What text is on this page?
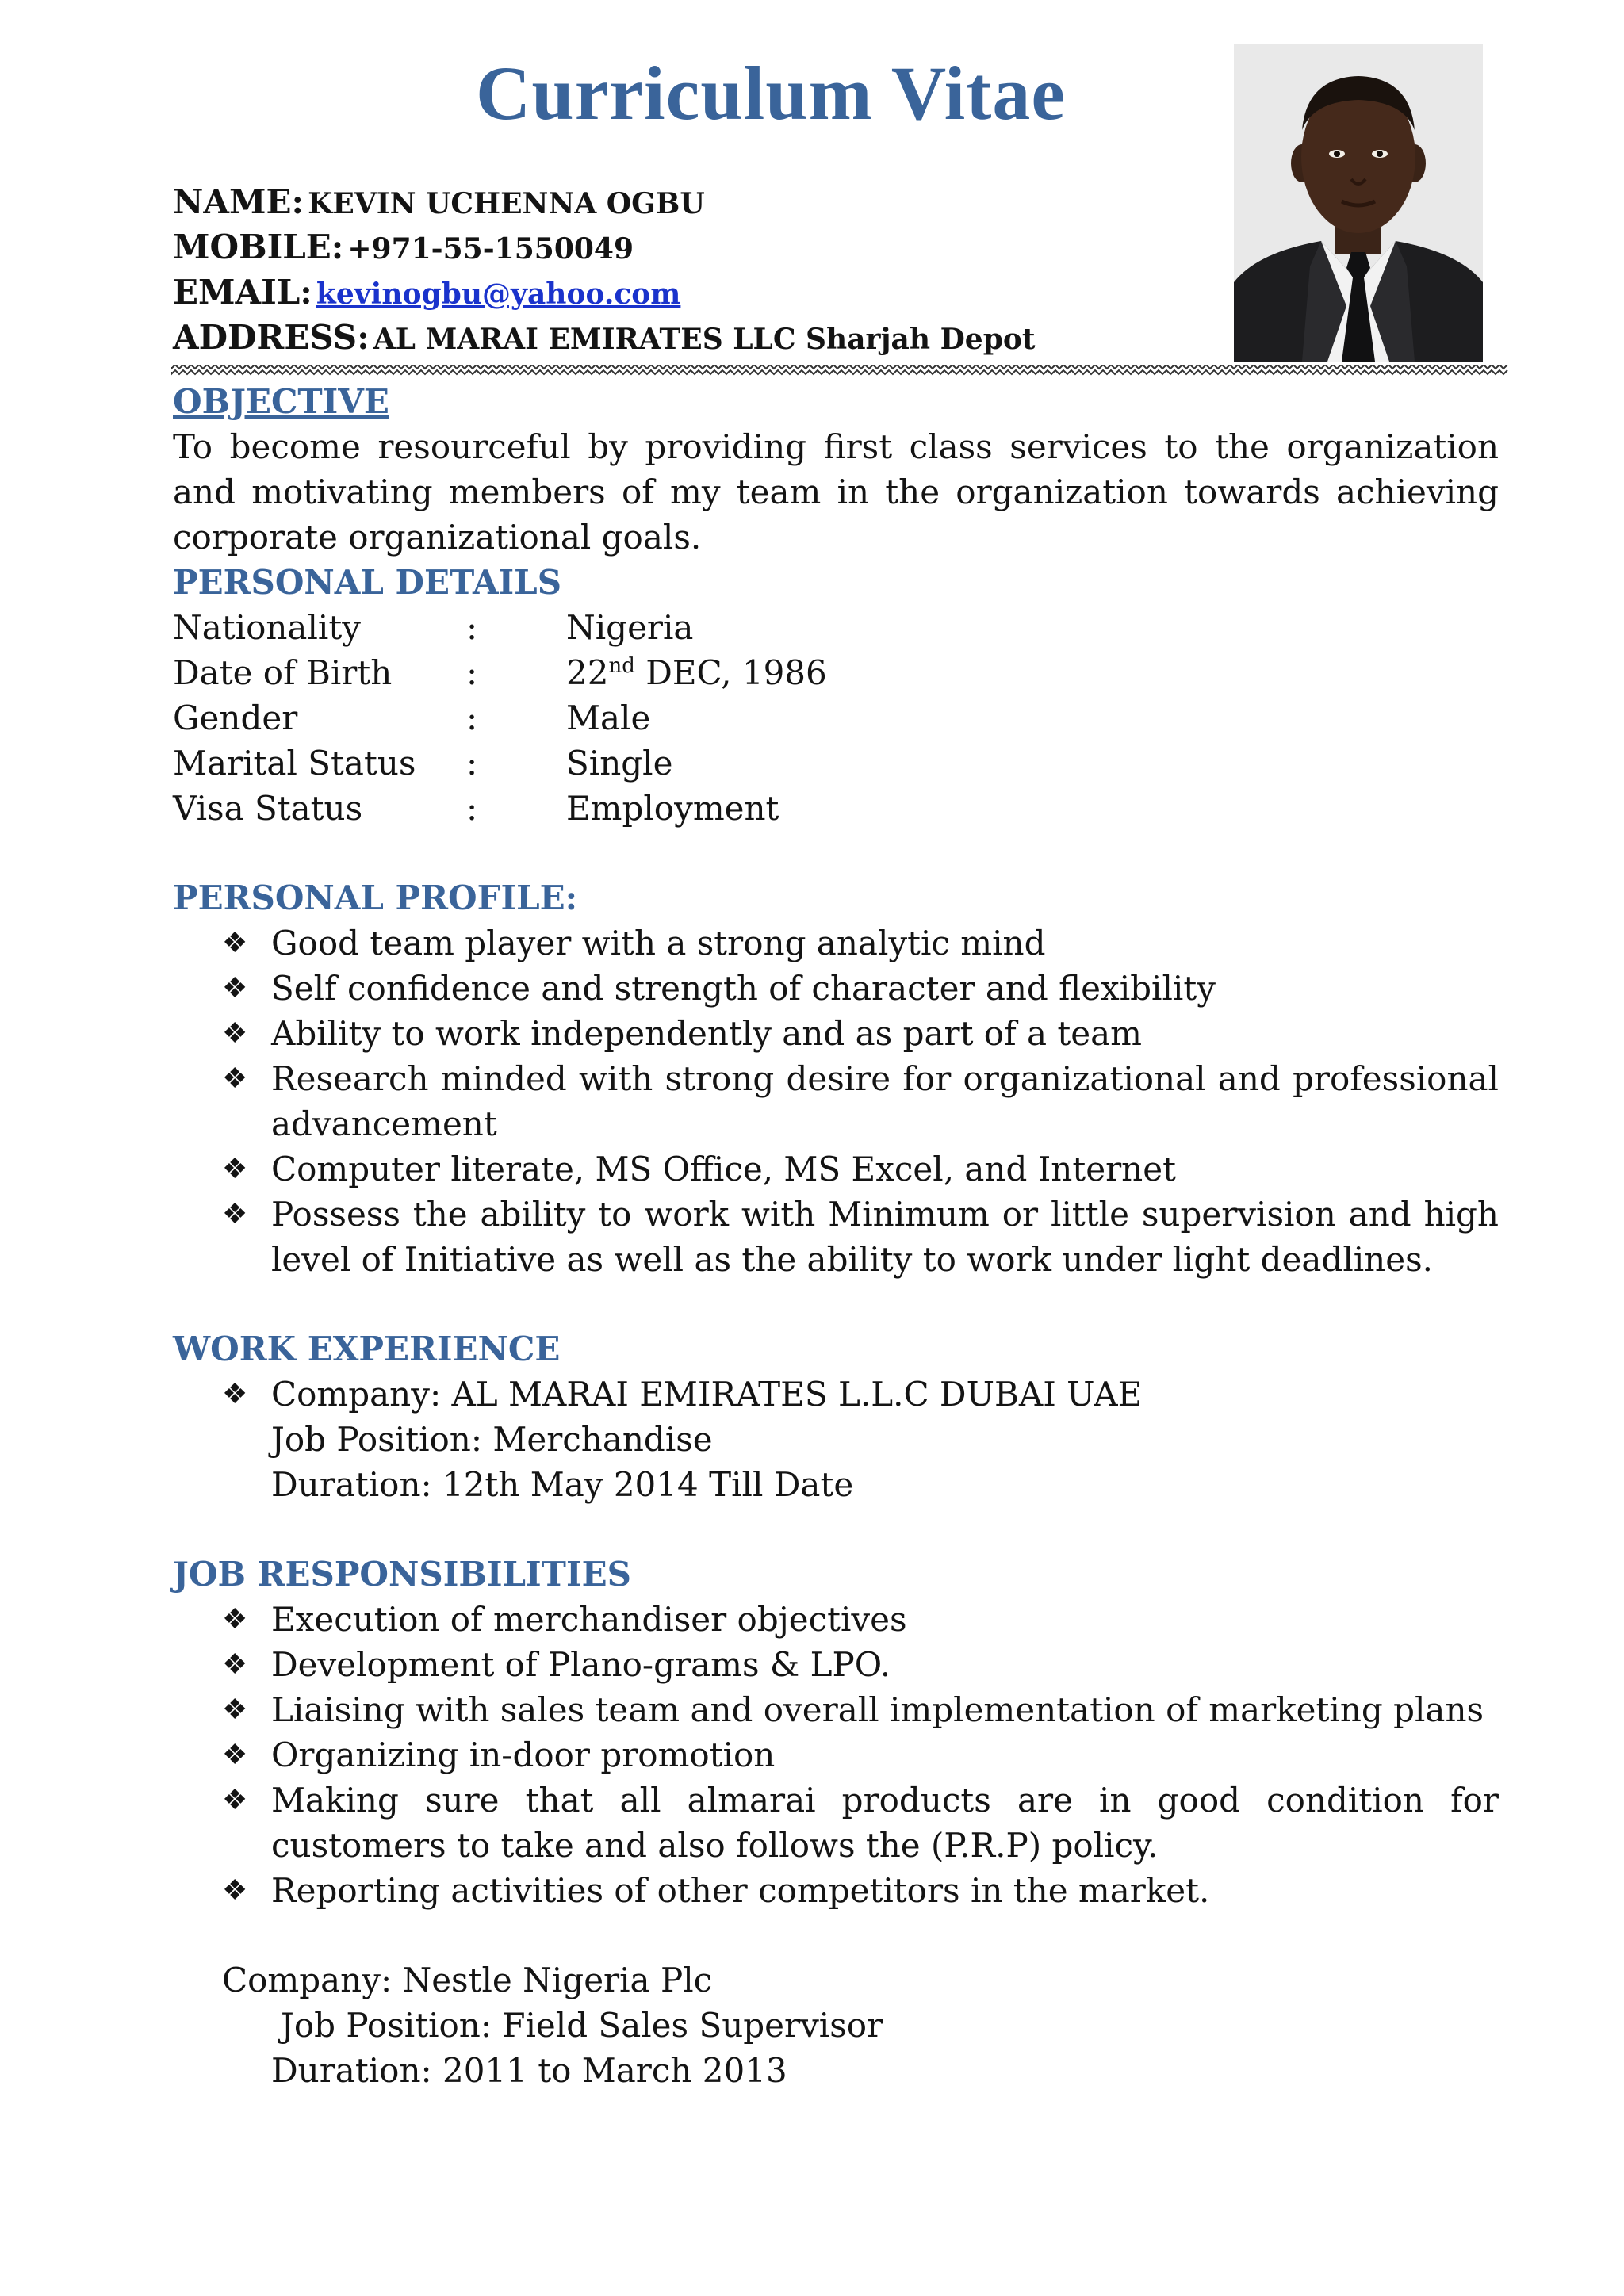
Curriculum Vitae
NAME: KEVIN UCHENNA OGBU
MOBILE: +971-55-1550049
EMAIL: kevinogbu@yahoo.com
ADDRESS: AL MARAI EMIRATES LLC Sharjah Depot
OBJECTIVE
To become resourceful by providing first class services to the organization and motivating members of my team in the organization towards achieving corporate organizational goals.
PERSONAL DETAILS
Nationality	:	Nigeria
Date of Birth :	22nd DEC, 1986
Gender	:	Male
Marital Status :	Single
Visa Status	:	Employment
PERSONAL PROFILE:
❖ Good team player with a strong analytic mind
❖ Self confidence and strength of character and flexibility
❖ Ability to work independently and as part of a team
❖ Research minded with strong desire for organizational and professional advancement
❖ Computer literate, MS Office, MS Excel, and Internet
❖ Possess the ability to work with Minimum or little supervision and high level of Initiative as well as the ability to work under light deadlines.
WORK EXPERIENCE
❖ Company: AL MARAI EMIRATES L.L.C DUBAI UAE
Job Position: Merchandise
Duration: 12th May 2014 Till Date
JOB RESPONSIBILITIES
❖ Execution of merchandiser objectives
❖ Development of Plano-grams & LPO.
❖ Liaising with sales team and overall implementation of marketing plans
❖ Organizing in-door promotion
❖ Making sure that all almarai products are in good condition for customers to take and also follows the (P.R.P) policy.
❖ Reporting activities of other competitors in the market.
Company: Nestle Nigeria Plc
Job Position: Field Sales Supervisor
Duration: 2011 to March 2013
